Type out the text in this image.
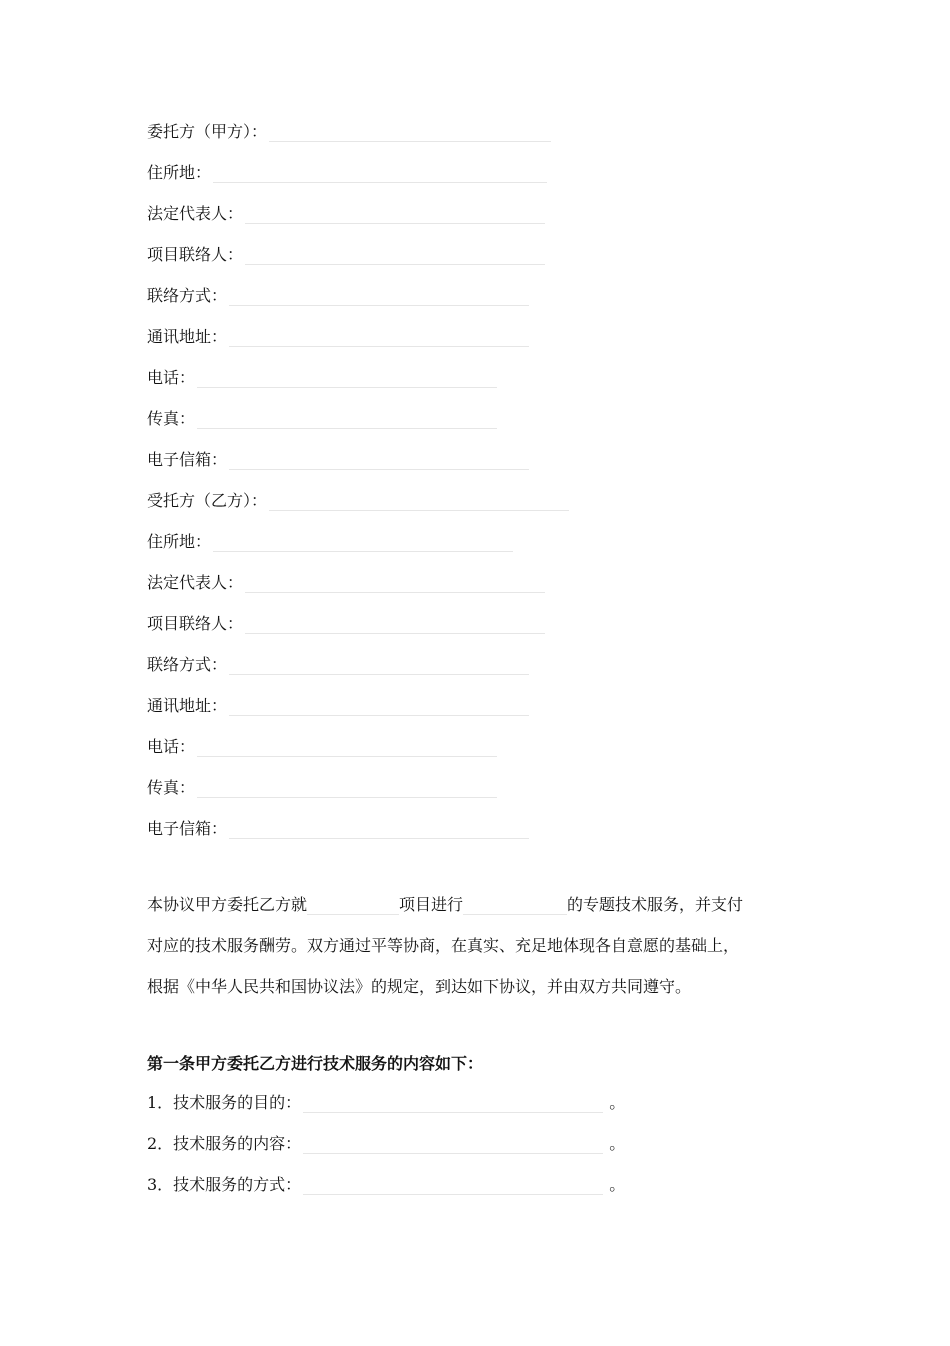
委托方（甲方）：
住所地：
法定代表人：
项目联络人：
联络方式：
通讯地址：
电话：
传真：
电子信箱：
受托方（乙方）：
住所地：
法定代表人：
项目联络人：
联络方式：
通讯地址：
电话：
传真：
电子信箱：
本协议甲方委托乙方就	项目进行	的专题技术服务，并支付
对应的技术服务酬劳。双方通过平等协商，在真实、充足地体现各自意愿的基础上，
根据《中华人民共和国协议法》的规定，到达如下协议，并由双方共同遵守。
第一条甲方委托乙方进行技术服务的内容如下：
1．技术服务的目的：	。
2．技术服务的内容：	。
3．技术服务的方式：	。
